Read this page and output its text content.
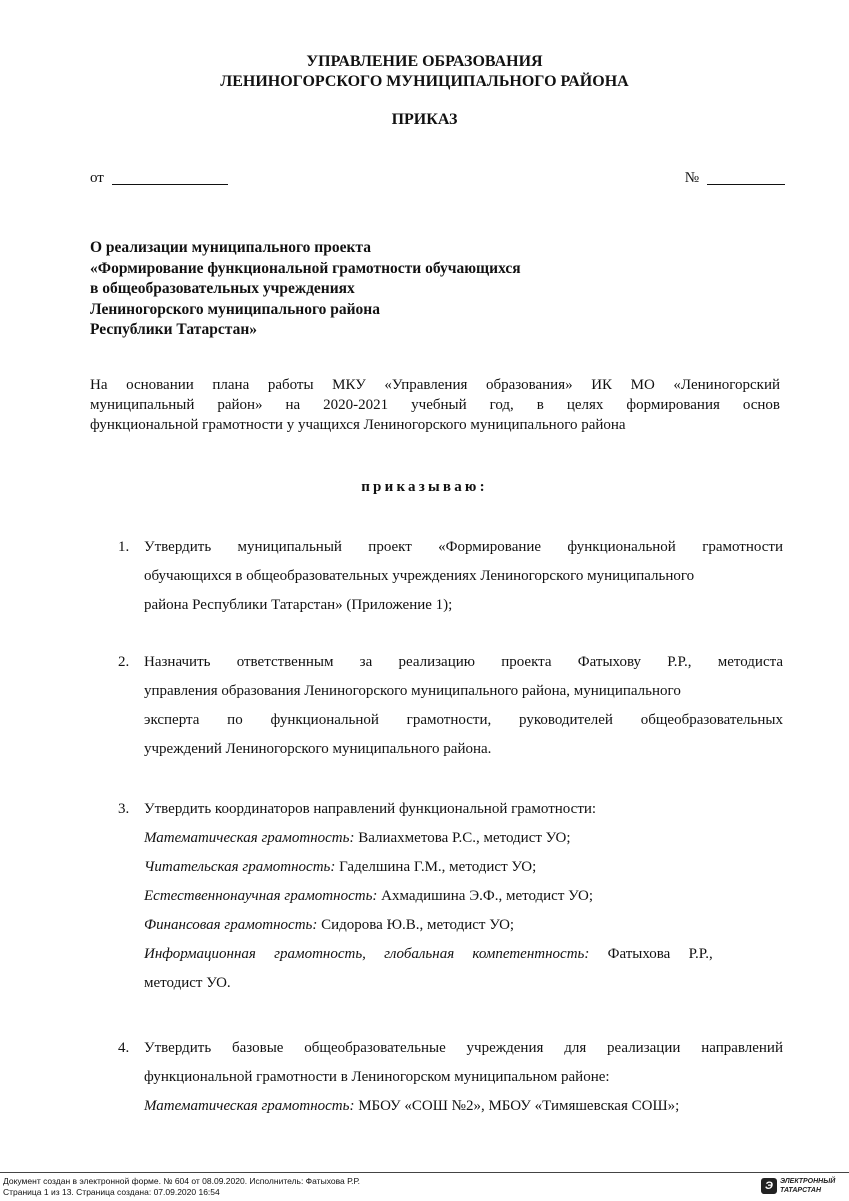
УПРАВЛЕНИЕ ОБРАЗОВАНИЯ
ЛЕНИНОГОРСКОГО МУНИЦИПАЛЬНОГО РАЙОНА
ПРИКАЗ
от	№
О реализации муниципального проекта
«Формирование функциональной грамотности обучающихся
в общеобразовательных учреждениях
Лениногорского муниципального района
Республики Татарстан»
На основании плана работы МКУ «Управления образования» ИК МО «Лениногорский
муниципальный район» на 2020-2021 учебный год, в целях формирования основ
функциональной грамотности у учащихся Лениногорского муниципального района
приказываю:
1. Утвердить муниципальный проект «Формирование функциональной грамотности
обучающихся в общеобразовательных учреждениях Лениногорского муниципального
района Республики Татарстан» (Приложение 1);
2. Назначить ответственным за реализацию проекта Фатыхову Р.Р., методиста
управления образования Лениногорского муниципального района, муниципального
эксперта по функциональной грамотности, руководителей общеобразовательных
учреждений Лениногорского муниципального района.
3. Утвердить координаторов направлений функциональной грамотности:
Математическая грамотность: Валиахметова Р.С., методист УО;
Читательская грамотность: Гаделшина Г.М., методист УО;
Естественнонаучная грамотность: Ахмадишина Э.Ф., методист УО;
Финансовая грамотность: Сидорова Ю.В., методист УО;
Информационная грамотность, глобальная компетентность: Фатыхова Р.Р.,
методист УО.
4. Утвердить базовые общеобразовательные учреждения для реализации направлений
функциональной грамотности в Лениногорском муниципальном районе:
Математическая грамотность: МБОУ «СОШ №2», МБОУ «Тимяшевская СОШ»;
Документ создан в электронной форме. № 604 от 08.09.2020. Исполнитель: Фатыхова Р.Р.
Страница 1 из 13. Страница создана: 07.09.2020 16:54	Э	ЭЛЕКТРОННЫЙ
ТАТАРСТАН
